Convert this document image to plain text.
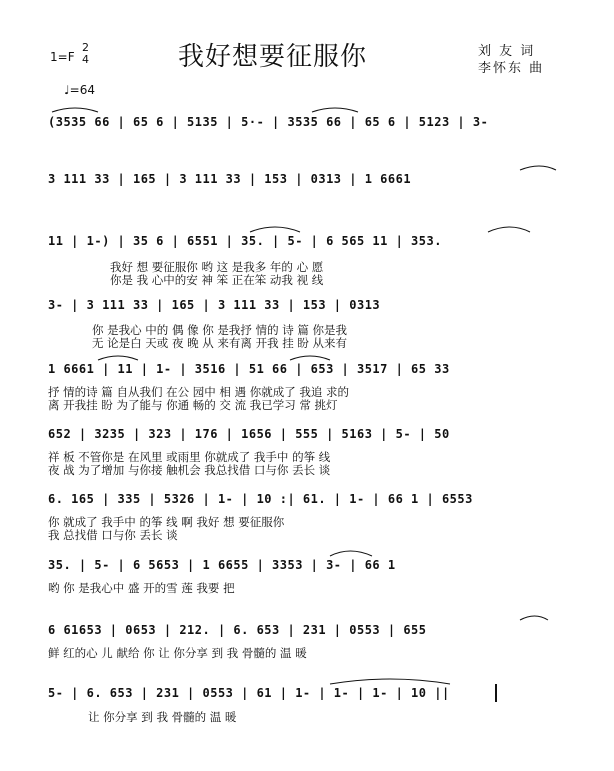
我好想要征服你
1=F
2
4
♩=64
刘 友 词
李怀东 曲
(3535 66 | 65 6 | 5135 | 5·- | 3535 66 | 65 6 | 5123 | 3-
3 111 33 | 165 | 3 111 33 | 153 | 0313 | 1 6661
11 | 1-) | 35 6 | 6551 | 35. | 5- | 6 565 11 | 353.
我好 想 要征服你 哟 这 是我多 年的 心 愿
你是 我 心中的安 神 笨 正在笨 动我 视 线
3- | 3 111 33 | 165 | 3 111 33 | 153 | 0313
你 是我心 中的 偶 像 你 是我抒 情的 诗 篇 你是我
无 论是白 天或 夜 晚 从 来有离 开我 挂 盼 从来有
1 6661 | 11 | 1- | 3516 | 51 66 | 653 | 3517 | 65 33
抒 情的诗 篇 自从我们 在公 园中 相 遇 你就成了 我追 求的
离 开我挂 盼 为了能与 你通 畅的 交 流 我已学习 常 挑灯
652 | 3235 | 323 | 176 | 1656 | 555 | 5163 | 5- | 50
祥 板 不管你是 在风里 或雨里 你就成了 我手中 的筝 线
夜 战 为了增加 与你接 触机会 我总找借 口与你 丢长 谈
6. 165 | 335 | 5326 | 1- | 10 :| 61. | 1- | 66 1 | 6553
你 就成了 我手中 的筝 线 啊 我好 想 要征服你
我 总找借 口与你 丢长 谈
35. | 5- | 6 5653 | 1 6655 | 3353 | 3- | 66 1
哟 你 是我心中 盛 开的雪 莲 我要 把
6 61653 | 0653 | 212. | 6. 653 | 231 | 0553 | 655
鲜 红的心 儿 献给 你 让 你分享 到 我 骨髓的 温 暖
5- | 6. 653 | 231 | 0553 | 61 | 1- | 1- | 1- | 10 ||
让 你分享 到 我 骨髓的 温 暖
